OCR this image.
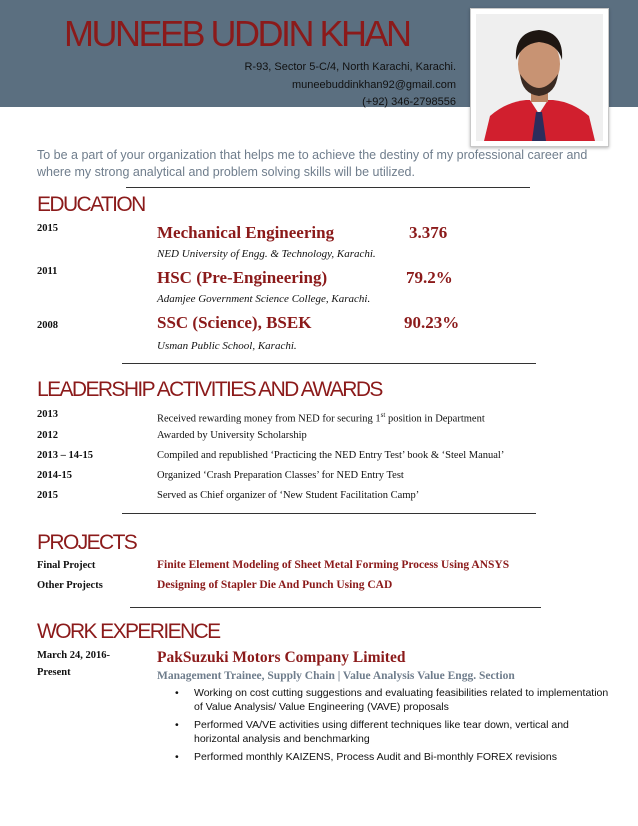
MUNEEB UDDIN KHAN
R-93, Sector 5-C/4, North Karachi, Karachi.
muneebuddinkhan92@gmail.com
(+92) 346-2798556
To be a part of your organization that helps me to achieve the destiny of my professional career and where my strong analytical and problem solving skills will be utilized.
EDUCATION
2015	Mechanical Engineering	3.376
NED University of Engg. & Technology, Karachi.
2011	HSC (Pre-Engineering)	79.2%
Adamjee Government Science College, Karachi.
2008	SSC (Science), BSEK	90.23%
Usman Public School, Karachi.
LEADERSHIP ACTIVITIES AND AWARDS
2013	Received rewarding money from NED for securing 1st position in Department
2012	Awarded by University Scholarship
2013 – 14-15	Compiled and republished ‘Practicing the NED Entry Test’ book & ‘Steel Manual’
2014-15	Organized ‘Crash Preparation Classes’ for NED Entry Test
2015	Served as Chief organizer of ‘New Student Facilitation Camp’
PROJECTS
Final Project	Finite Element Modeling of Sheet Metal Forming Process Using ANSYS
Other Projects	Designing of Stapler Die And Punch Using CAD
WORK EXPERIENCE
March 24, 2016-
Present
PakSuzuki Motors Company Limited
Management Trainee, Supply Chain | Value Analysis Value Engg. Section
• Working on cost cutting suggestions and evaluating feasibilities related to implementation of Value Analysis/ Value Engineering (VAVE) proposals
• Performed VA/VE activities using different techniques like tear down, vertical and horizontal analysis and benchmarking
• Performed monthly KAIZENS, Process Audit and Bi-monthly FOREX revisions
